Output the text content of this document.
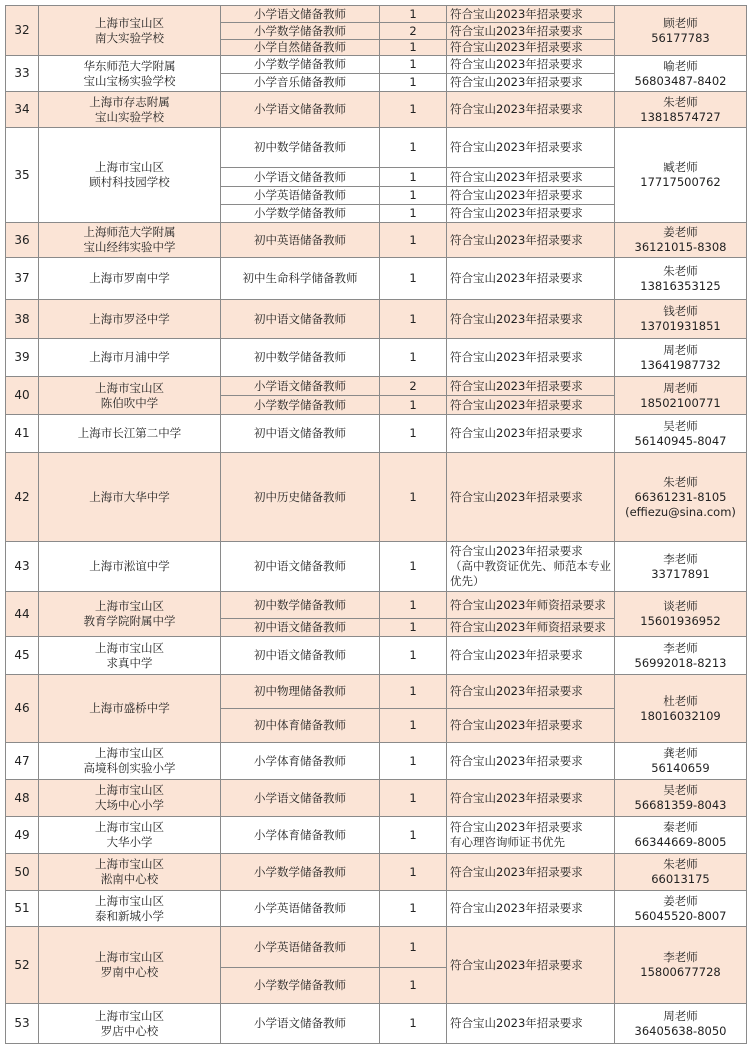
32	上海市宝山区
南大实验学校	小学语文储备教师	1	符合宝山2023年招录要求	顾老师
56177783

		小学数学储备教师	2	符合宝山2023年招录要求	

		小学自然储备教师	1	符合宝山2023年招录要求	

33	华东师范大学附属
宝山宝杨实验学校	小学数学储备教师	1	符合宝山2023年招录要求	喻老师
56803487-8402

		小学音乐储备教师	1	符合宝山2023年招录要求	

34	上海市存志附属
宝山实验学校	小学语文储备教师	1	符合宝山2023年招录要求	朱老师
13818574727

35	上海市宝山区
顾村科技园学校	初中数学储备教师	1	符合宝山2023年招录要求	臧老师
17717500762

		小学语文储备教师	1	符合宝山2023年招录要求	

		小学英语储备教师	1	符合宝山2023年招录要求	

		小学数学储备教师	1	符合宝山2023年招录要求	

36	上海师范大学附属
宝山经纬实验中学	初中英语储备教师	1	符合宝山2023年招录要求	姜老师
36121015-8308

37	上海市罗南中学	初中生命科学储备教师	1	符合宝山2023年招录要求	朱老师
13816353125

38	上海市罗泾中学	初中语文储备教师	1	符合宝山2023年招录要求	钱老师
13701931851

39	上海市月浦中学	初中数学储备教师	1	符合宝山2023年招录要求	周老师
13641987732

40	上海市宝山区
陈伯吹中学	小学语文储备教师	2	符合宝山2023年招录要求	周老师
18502100771

		小学数学储备教师	1	符合宝山2023年招录要求	

41	上海市长江第二中学	初中语文储备教师	1	符合宝山2023年招录要求	吴老师
56140945-8047

42	上海市大华中学	初中历史储备教师	1	符合宝山2023年招录要求	朱老师
66361231-8105
(effiezu@sina.com)

43	上海市淞谊中学	初中语文储备教师	1	符合宝山2023年招录要求
（高中教资证优先、师范本专业
优先）	李老师
33717891

44	上海市宝山区
教育学院附属中学	初中数学储备教师	1	符合宝山2023年师资招录要求	谈老师
15601936952

		初中语文储备教师	1	符合宝山2023年师资招录要求	

45	上海市宝山区
求真中学	初中语文储备教师	1	符合宝山2023年招录要求	李老师
56992018-8213

46	上海市盛桥中学	初中物理储备教师	1	符合宝山2023年招录要求	杜老师
18016032109

		初中体育储备教师	1	符合宝山2023年招录要求	

47	上海市宝山区
高境科创实验小学	小学体育储备教师	1	符合宝山2023年招录要求	龚老师
56140659

48	上海市宝山区
大场中心小学	小学语文储备教师	1	符合宝山2023年招录要求	吴老师
56681359-8043

49	上海市宝山区
大华小学	小学体育储备教师	1	符合宝山2023年招录要求
有心理咨询师证书优先	秦老师
66344669-8005

50	上海市宝山区
淞南中心校	小学数学储备教师	1	符合宝山2023年招录要求	朱老师
66013175

51	上海市宝山区
泰和新城小学	小学英语储备教师	1	符合宝山2023年招录要求	姜老师
56045520-8007

52	上海市宝山区
罗南中心校	小学英语储备教师	1	符合宝山2023年招录要求	李老师
15800677728

		小学数学储备教师	1		
53	上海市宝山区
罗店中心校	小学语文储备教师	1	符合宝山2023年招录要求	周老师
36405638-8050
